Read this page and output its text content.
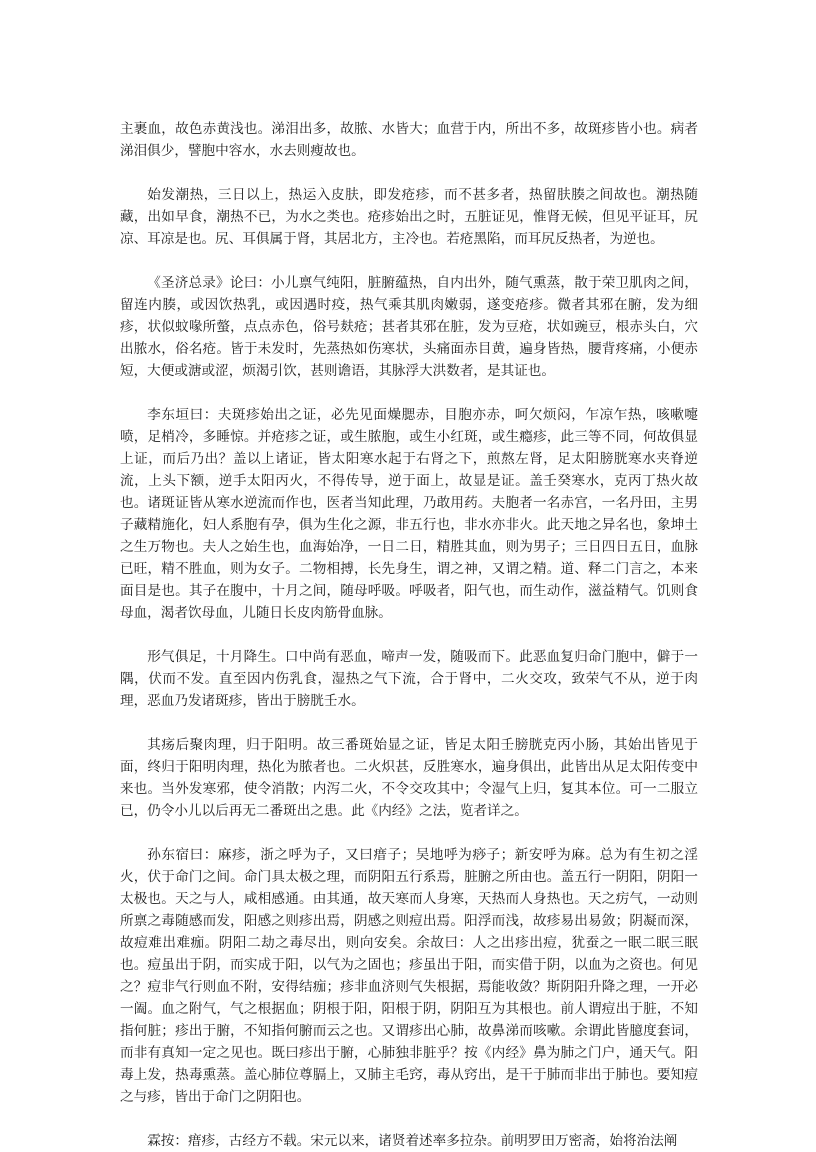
主裹血，故色赤黄浅也。涕泪出多，故脓、水皆大；血营于内，所出不多，故斑疹皆小也。病者涕泪俱少，譬胞中容水，水去则瘦故也。

始发潮热，三日以上，热运入皮肤，即发疮疹，而不甚多者，热留肤腠之间故也。潮热随藏，出如早食，潮热不已，为水之类也。疮疹始出之时，五脏证见，惟肾无候，但见平证耳，尻凉、耳凉是也。尻、耳俱属于肾，其居北方，主冷也。若疮黑陷，而耳尻反热者，为逆也。

《圣济总录》论曰：小儿禀气纯阳，脏腑蕴热，自内出外，随气熏蒸，散于荣卫肌肉之间，留连内腠，或因饮热乳，或因遇时疫，热气乘其肌肉嫩弱，遂变疮疹。微者其邪在腑，发为细疹，状似蚊喙所螫，点点赤色，俗号麸疮；甚者其邪在脏，发为豆疮，状如豌豆，根赤头白，穴出脓水，俗名疮。皆于未发时，先蒸热如伤寒状，头痛面赤目黄，遍身皆热，腰背疼痛，小便赤短，大便或溏或涩，烦渴引饮，甚则谵语，其脉浮大洪数者，是其证也。

李东垣曰：夫斑疹始出之证，必先见面燥腮赤，目胞亦赤，呵欠烦闷，乍凉乍热，咳嗽嚏喷，足梢冷，多睡惊。并疮疹之证，或生脓胞，或生小红斑，或生瘾疹，此三等不同，何故俱显上证，而后乃出？盖以上诸证，皆太阳寒水起于右肾之下，煎熬左肾，足太阳膀胱寒水夹脊逆流，上头下额，逆手太阳丙火，不得传导，逆于面上，故显是证。盖壬癸寒水，克丙丁热火故也。诸斑证皆从寒水逆流而作也，医者当知此理，乃敢用药。夫胞者一名赤宫，一名丹田，主男子藏精施化，妇人系胞有孕，俱为生化之源，非五行也，非水亦非火。此天地之异名也，象坤土之生万物也。夫人之始生也，血海始净，一日二日，精胜其血，则为男子；三日四日五日，血脉已旺，精不胜血，则为女子。二物相搏，长先身生，谓之神，又谓之精。道、释二门言之，本来面目是也。其子在腹中，十月之间，随母呼吸。呼吸者，阳气也，而生动作，滋益精气。饥则食母血，渴者饮母血，儿随日长皮肉筋骨血脉。

形气俱足，十月降生。口中尚有恶血，啼声一发，随吸而下。此恶血复归命门胞中，僻于一隅，伏而不发。直至因内伤乳食，湿热之气下流，合于肾中，二火交攻，致荣气不从，逆于肉理，恶血乃发诸斑疹，皆出于膀胱壬水。

其疡后聚肉理，归于阳明。故三番斑始显之证，皆足太阳壬膀胱克丙小肠，其始出皆见于面，终归于阳明肉理，热化为脓者也。二火炽甚，反胜寒水，遍身俱出，此皆出从足太阳传变中来也。当外发寒邪，使令消散；内泻二火，不令交攻其中；令湿气上归，复其本位。可一二服立已，仍令小儿以后再无二番斑出之患。此《内经》之法，览者详之。

孙东宿曰：麻疹，浙之呼为子，又曰瘄子；吴地呼为痧子；新安呼为麻。总为有生初之淫火，伏于命门之间。命门具太极之理，而阴阳五行系焉，脏腑之所由也。盖五行一阴阳，阴阳一太极也。天之与人，咸相感通。由其通，故天寒而人身寒，天热而人身热也。天之疠气，一动则所禀之毒随感而发，阳感之则疹出焉，阴感之则痘出焉。阳浮而浅，故疹易出易敛；阴凝而深，故痘难出难痂。阴阳二劫之毒尽出，则向安矣。余故曰：人之出疹出痘，犹蚕之一眠二眠三眠也。痘虽出于阴，而实成于阳，以气为之固也；疹虽出于阳，而实借于阴，以血为之资也。何见之？痘非气行则血不附，安得结痂；疹非血济则气失根据，焉能收敛？斯阴阳升降之理，一开必一阖。血之附气，气之根据血；阴根于阳，阳根于阴，阴阳互为其根也。前人谓痘出于脏，不知指何脏；疹出于腑，不知指何腑而云之也。又谓疹出心肺，故鼻涕而咳嗽。余谓此皆臆度套词，而非有真知一定之见也。既曰疹出于腑，心肺独非脏乎？按《内经》鼻为肺之门户，通天气。阳毒上发，热毒熏蒸。盖心肺位尊膈上，又肺主毛窍，毒从窍出，是干于肺而非出于肺也。要知痘之与疹，皆出于命门之阴阳也。

霖按：瘄疹，古经方不载。宋元以来，诸贤着述率多拉杂。前明罗田万密斋，始将治法阐
